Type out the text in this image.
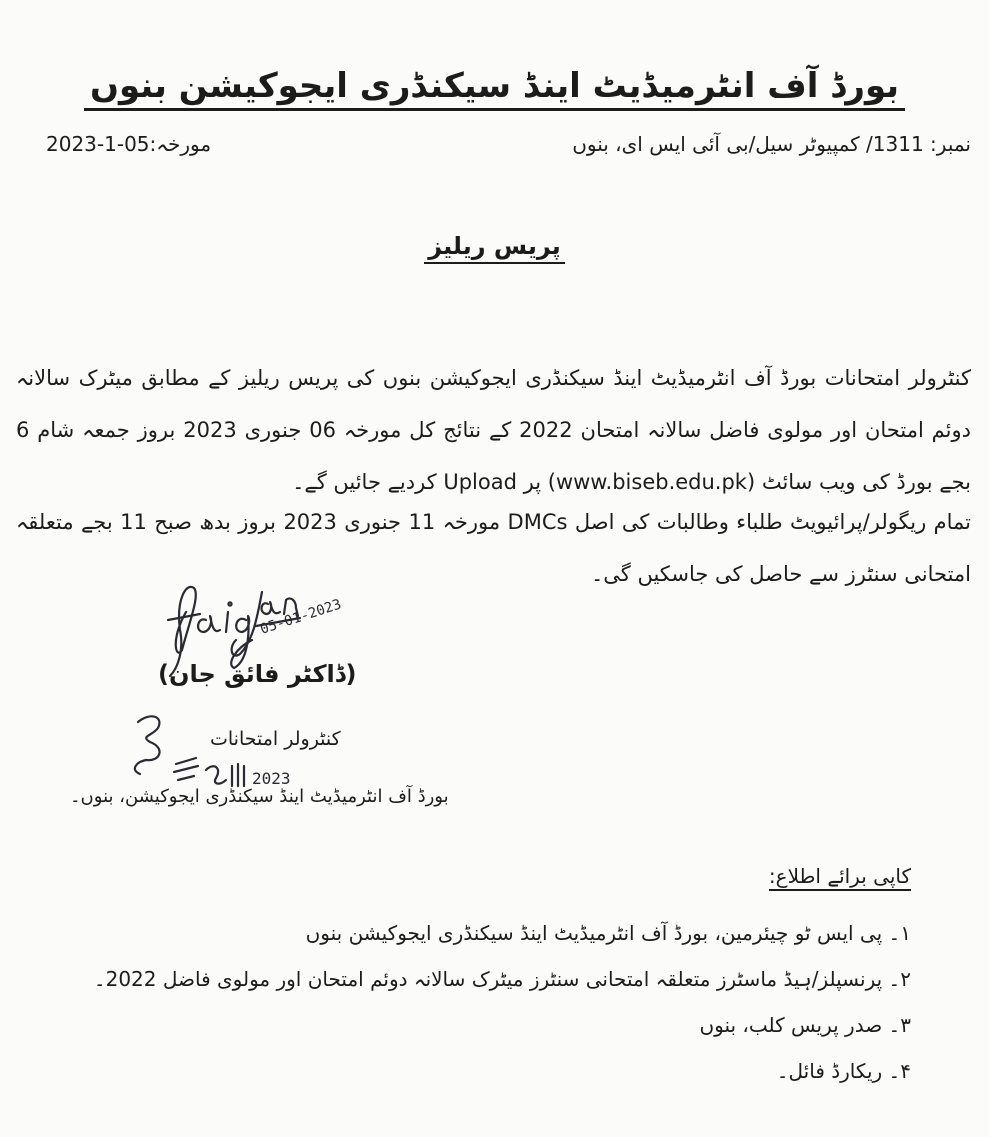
بورڈ آف انٹرمیڈیٹ اینڈ سیکنڈری ایجوکیشن بنوں
نمبر: 1311/ کمپیوٹر سیل/بی آئی ایس ای، بنوں
مورخہ:05-1-2023
پریس ریلیز
کنٹرولر امتحانات بورڈ آف انٹرمیڈیٹ اینڈ سیکنڈری ایجوکیشن بنوں کی پریس ریلیز کے مطابق میٹرک سالانہ دوئم امتحان اور مولوی فاضل سالانہ امتحان 2022 کے نتائج کل مورخہ 06 جنوری 2023 بروز جمعہ شام 6 بجے بورڈ کی ویب سائٹ (www.biseb.edu.pk) پر Upload کردیے جائیں گے۔
تمام ریگولر/پرائیویٹ طلباء وطالبات کی اصل DMCs مورخہ 11 جنوری 2023 بروز بدھ صبح 11 بجے متعلقہ امتحانی سنٹرز سے حاصل کی جاسکیں گی۔
05-01-2023
2023
(ڈاکٹر فائق جان)
کنٹرولر امتحانات
بورڈ آف انٹرمیڈیٹ اینڈ سیکنڈری ایجوکیشن، بنوں۔
کاپی برائے اطلاع:
۱۔ پی ایس ٹو چیئرمین، بورڈ آف انٹرمیڈیٹ اینڈ سیکنڈری ایجوکیشن بنوں
۲۔ پرنسپلز/ہیڈ ماسٹرز متعلقہ امتحانی سنٹرز میٹرک سالانہ دوئم امتحان اور مولوی فاضل 2022۔
۳۔ صدر پریس کلب، بنوں
۴۔ ریکارڈ فائل۔
